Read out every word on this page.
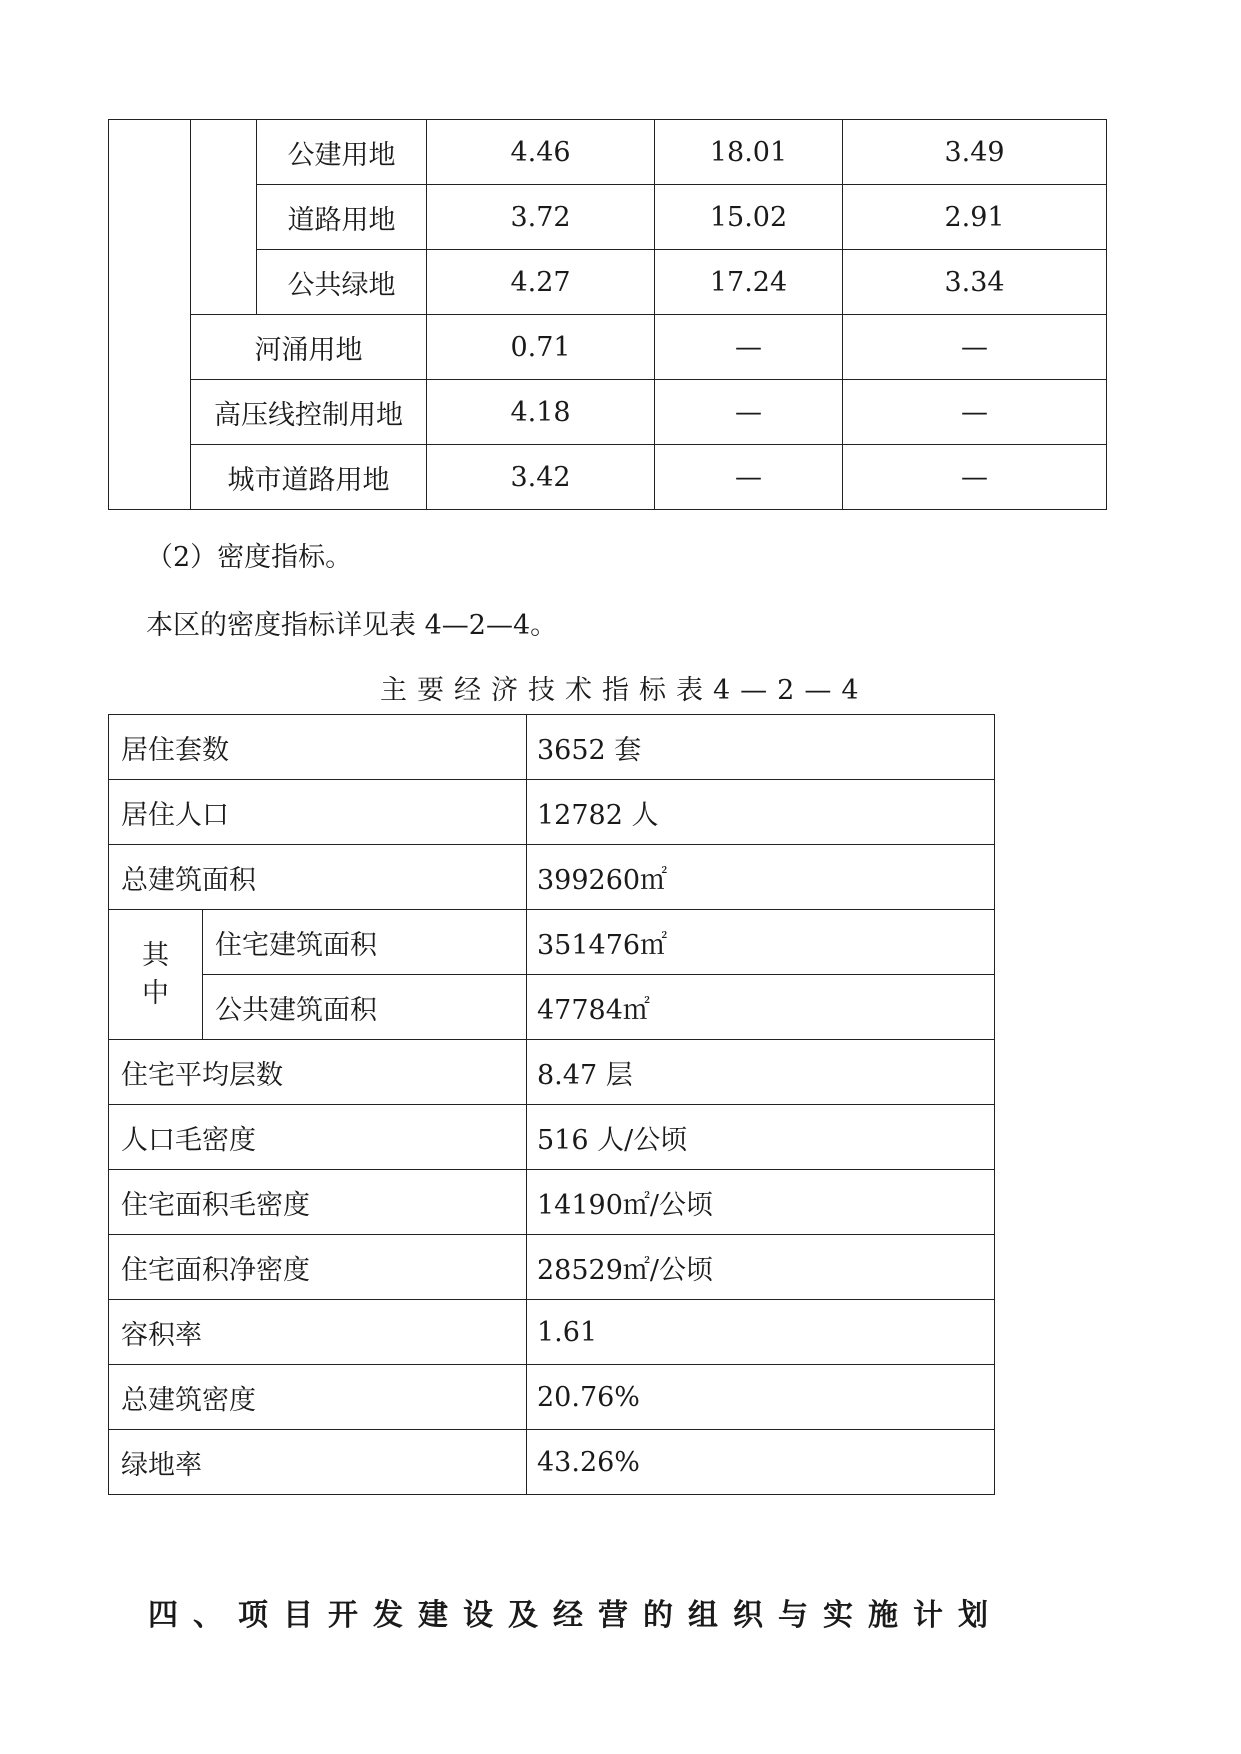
		公建用地	4.46	18.01	3.49
		道路用地	3.72	15.02	2.91
		公共绿地	4.27	17.24	3.34
	河涌用地		0.71	—	—
	高压线控制用地		4.18	—	—
	城市道路用地		3.42	—	—

（2）密度指标。

本区的密度指标详见表 4—2—4。

主要经济技术指标表4—2—4

居住套数		3652 套
居住人口		12782 人
总建筑面积		399260㎡
其
中	住宅建筑面积	351476㎡
	公共建筑面积	47784㎡
住宅平均层数		8.47 层
人口毛密度		516 人/公顷
住宅面积毛密度		14190㎡/公顷
住宅面积净密度		28529㎡/公顷
容积率		1.61
总建筑密度		20.76%
绿地率		43.26%

四、项目开发建设及经营的组织与实施计划
